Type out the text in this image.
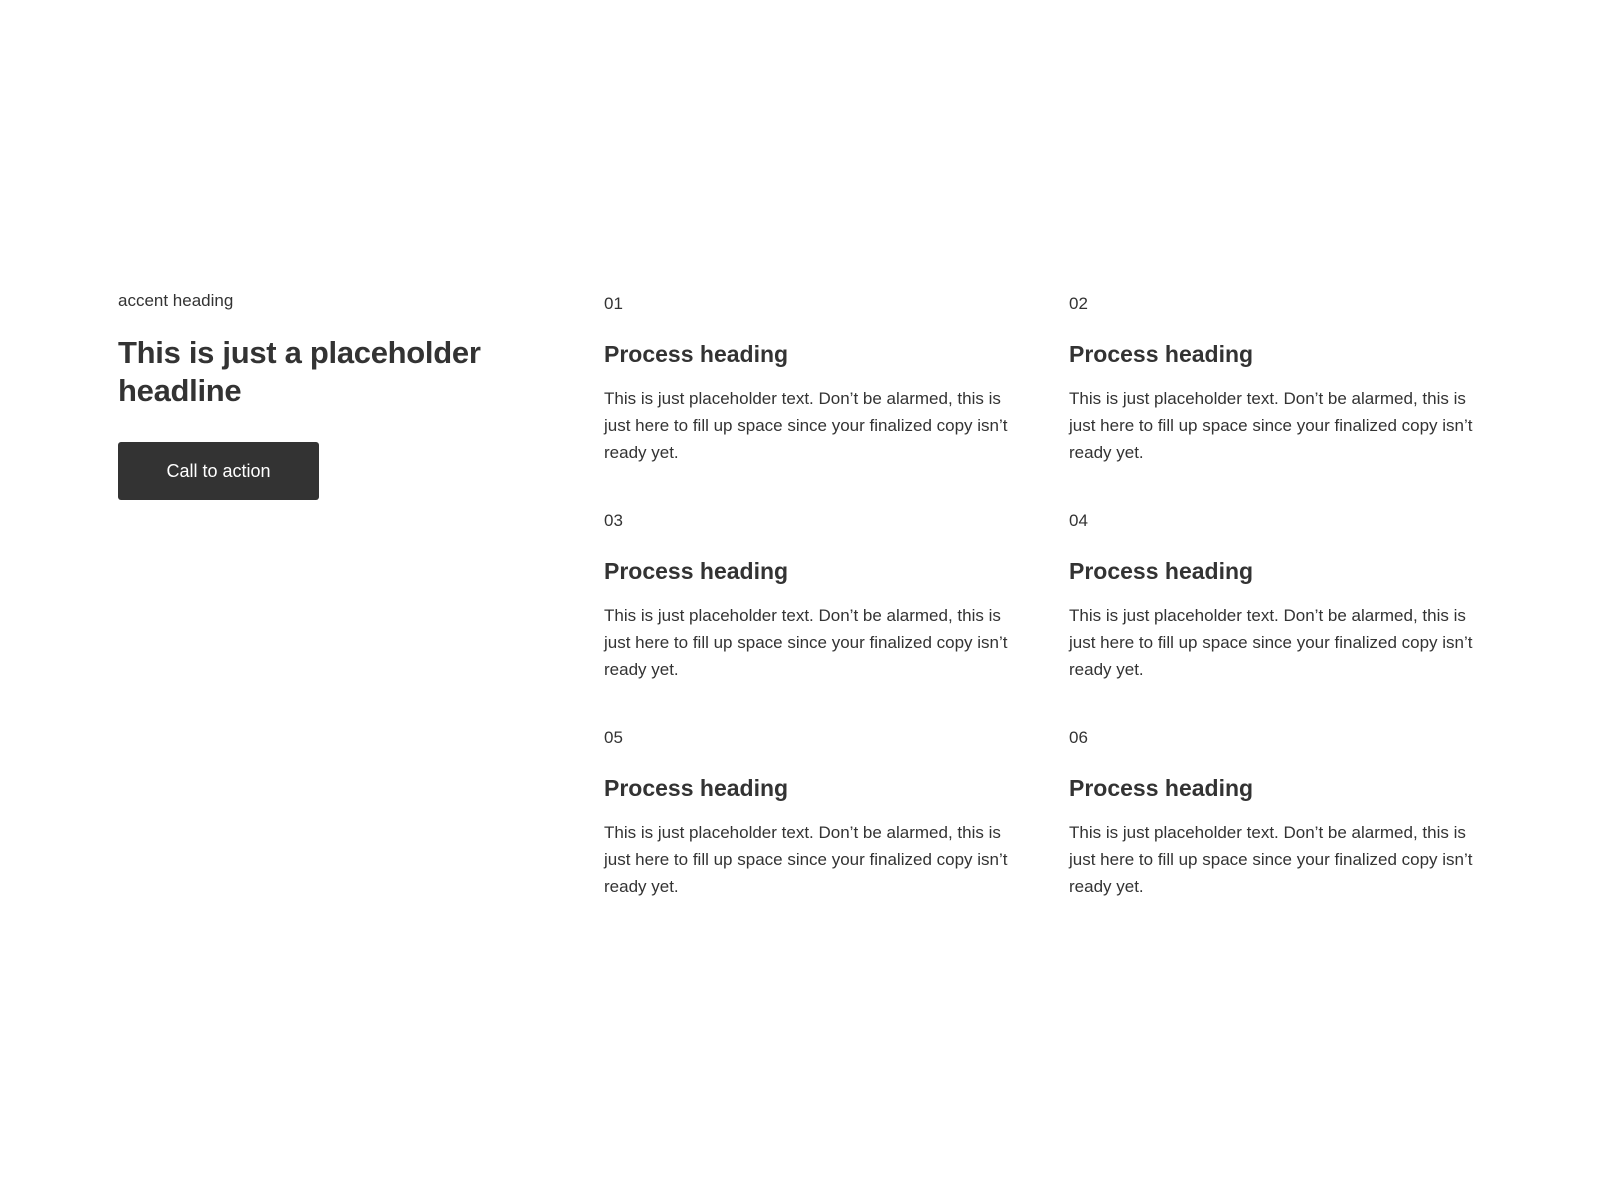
accent heading

This is just a placeholder headline
Call to action

01

Process heading

This is just placeholder text. Don’t be alarmed, this is just here to fill up space since your finalized copy isn’t ready yet.

02

Process heading

This is just placeholder text. Don’t be alarmed, this is just here to fill up space since your finalized copy isn’t ready yet.

03

Process heading

This is just placeholder text. Don’t be alarmed, this is just here to fill up space since your finalized copy isn’t ready yet.

04

Process heading

This is just placeholder text. Don’t be alarmed, this is just here to fill up space since your finalized copy isn’t ready yet.

05

Process heading

This is just placeholder text. Don’t be alarmed, this is just here to fill up space since your finalized copy isn’t ready yet.

06

Process heading

This is just placeholder text. Don’t be alarmed, this is just here to fill up space since your finalized copy isn’t ready yet.
